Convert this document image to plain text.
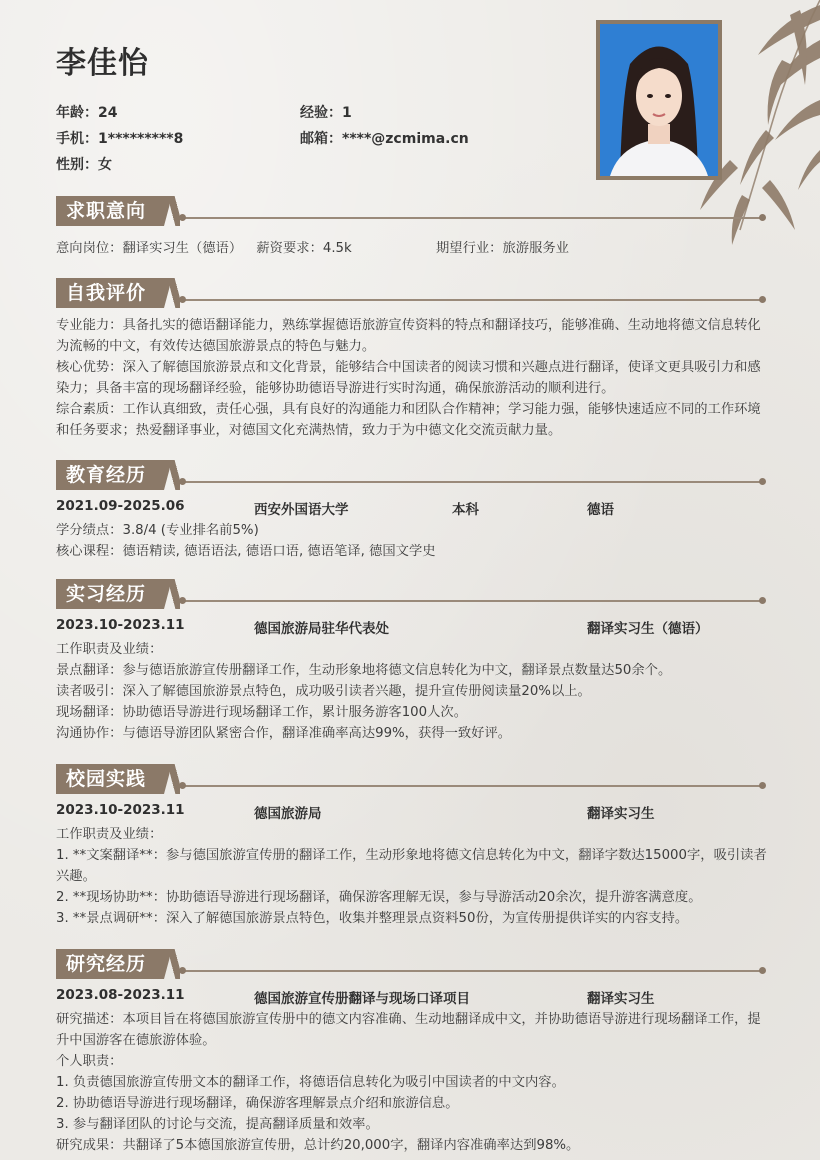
李佳怡
年龄：24	经验：1
手机：1*********8	邮箱：****@zcmima.cn
性别：女
求职意向
意向岗位：翻译实习生（德语） 薪资要求：4.5k	期望行业：旅游服务业
自我评价

专业能力：具备扎实的德语翻译能力，熟练掌握德语旅游宣传资料的特点和翻译技巧，能够准确、生动地将德文信息转化为流畅的中文，有效传达德国旅游景点的特色与魅力。

核心优势：深入了解德国旅游景点和文化背景，能够结合中国读者的阅读习惯和兴趣点进行翻译，使译文更具吸引力和感染力；具备丰富的现场翻译经验，能够协助德语导游进行实时沟通，确保旅游活动的顺利进行。

综合素质：工作认真细致，责任心强，具有良好的沟通能力和团队合作精神；学习能力强，能够快速适应不同的工作环境和任务要求；热爱翻译事业，对德国文化充满热情，致力于为中德文化交流贡献力量。

教育经历
2021.09-2025.06	西安外国语大学	本科	德语

学分绩点：3.8/4 (专业排名前5%)

核心课程：德语精读, 德语语法, 德语口语, 德语笔译, 德国文学史

实习经历
2023.10-2023.11	德国旅游局驻华代表处	翻译实习生（德语）

工作职责及业绩：

景点翻译：参与德语旅游宣传册翻译工作，生动形象地将德文信息转化为中文，翻译景点数量达50余个。

读者吸引：深入了解德国旅游景点特色，成功吸引读者兴趣，提升宣传册阅读量20%以上。

现场翻译：协助德语导游进行现场翻译工作，累计服务游客100人次。

沟通协作：与德语导游团队紧密合作，翻译准确率高达99%，获得一致好评。

校园实践
2023.10-2023.11	德国旅游局	翻译实习生

工作职责及业绩：

1. **文案翻译**：参与德国旅游宣传册的翻译工作，生动形象地将德文信息转化为中文，翻译字数达15000字，吸引读者兴趣。

2. **现场协助**：协助德语导游进行现场翻译，确保游客理解无误，参与导游活动20余次，提升游客满意度。

3. **景点调研**：深入了解德国旅游景点特色，收集并整理景点资料50份，为宣传册提供详实的内容支持。

研究经历
2023.08-2023.11	德国旅游宣传册翻译与现场口译项目	翻译实习生

研究描述：本项目旨在将德国旅游宣传册中的德文内容准确、生动地翻译成中文，并协助德语导游进行现场翻译工作，提升中国游客在德旅游体验。

个人职责：

1. 负责德国旅游宣传册文本的翻译工作，将德语信息转化为吸引中国读者的中文内容。

2. 协助德语导游进行现场翻译，确保游客理解景点介绍和旅游信息。

3. 参与翻译团队的讨论与交流，提高翻译质量和效率。

研究成果：共翻译了5本德国旅游宣传册，总计约20,000字，翻译内容准确率达到98%。
